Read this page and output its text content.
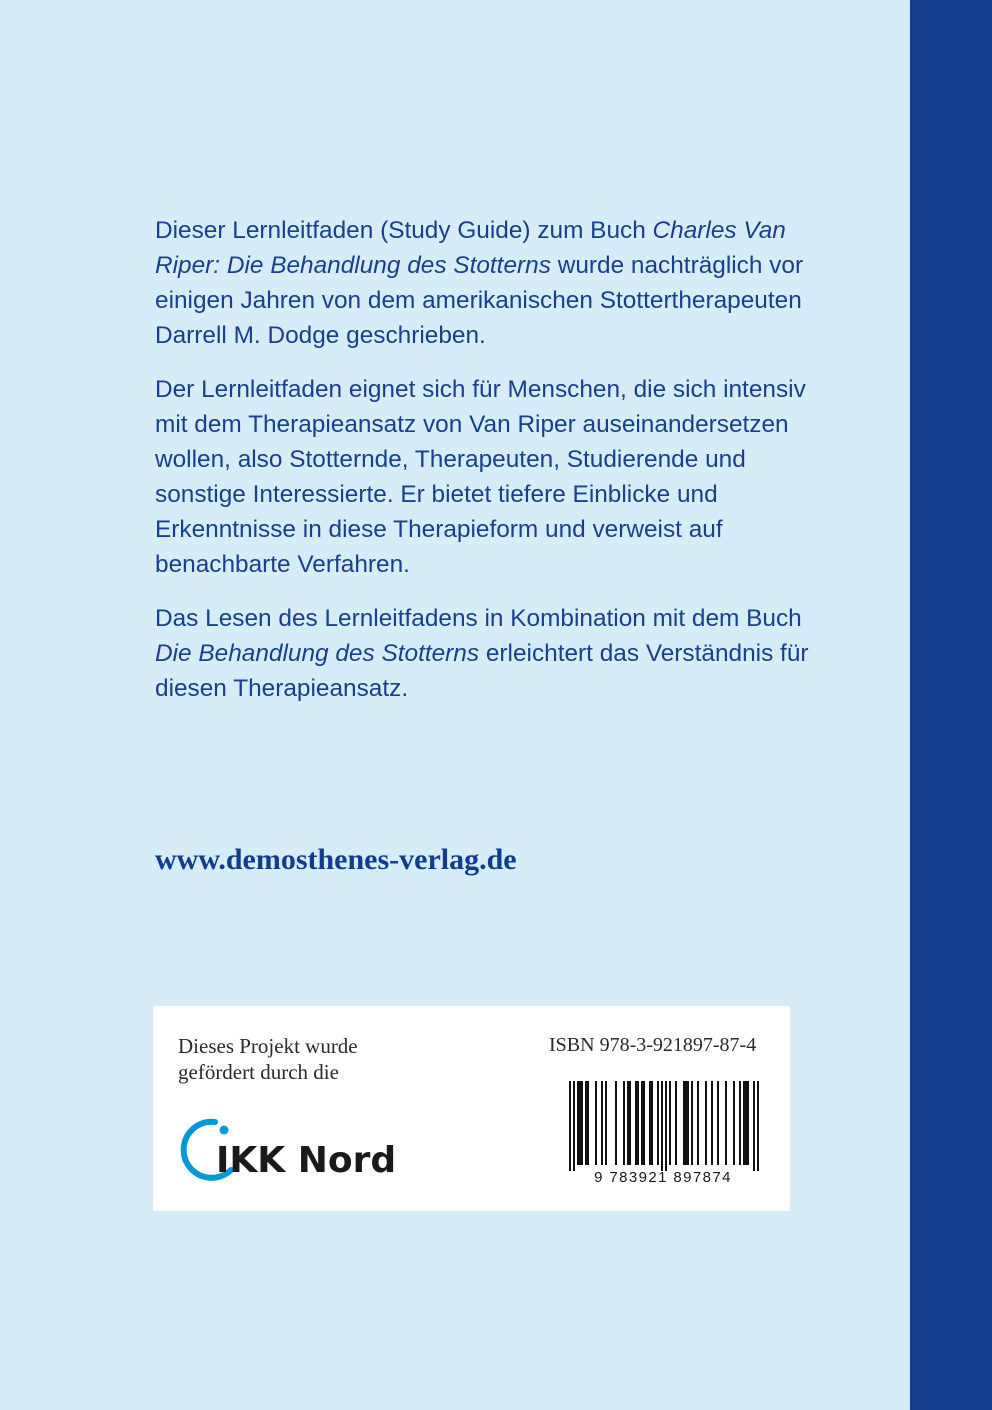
Dieser Lernleitfaden (Study Guide) zum Buch Charles Van Riper: Die Behandlung des Stotterns wurde nachträglich vor einigen Jahren von dem amerikanischen Stottertherapeuten Darrell M. Dodge geschrieben.

Der Lernleitfaden eignet sich für Menschen, die sich intensiv mit dem Therapieansatz von Van Riper auseinandersetzen wollen, also Stotternde, Therapeuten, Studierende und sonstige Interessierte. Er bietet tiefere Einblicke und Erkenntnisse in diese Therapieform und verweist auf benachbarte Verfahren.

Das Lesen des Lernleitfadens in Kombination mit dem Buch Die Behandlung des Stotterns erleichtert das Verständnis für diesen Therapieansatz.

www.demosthenes-verlag.de
Dieses Projekt wurde
gefördert durch die
IKK Nord
ISBN 978-3-921897-87-4
9 783921 897874
